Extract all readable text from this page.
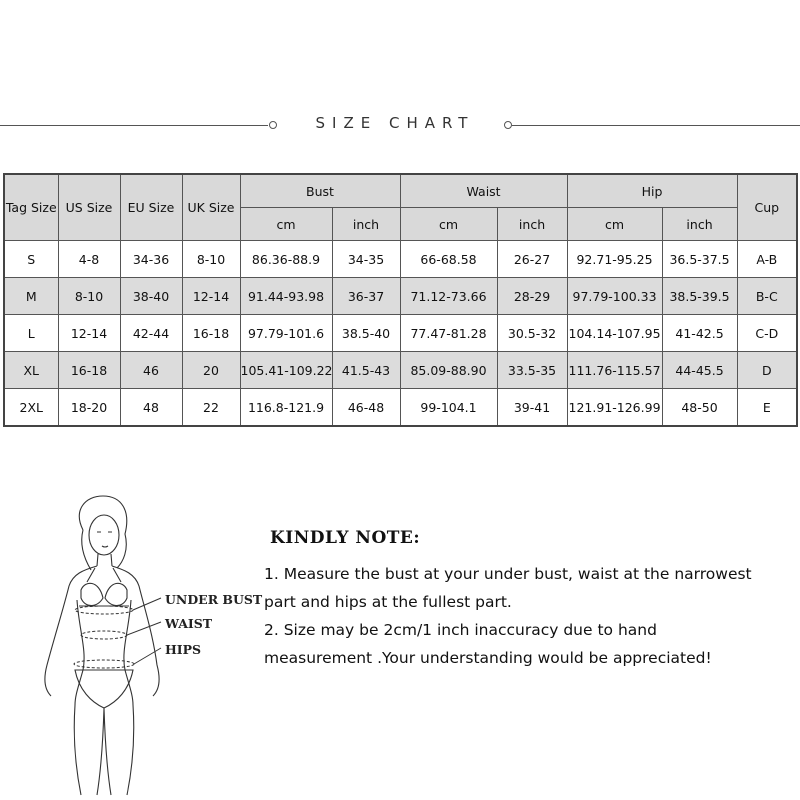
SIZE CHART
Tag Size	US Size	EU Size	UK Size	Bust		Waist		Hip		Cup
				cm	inch	cm	inch	cm	inch	
S	4-8	34-36	8-10	86.36-88.9	34-35	66-68.58	26-27	92.71-95.25	36.5-37.5	A-B
M	8-10	38-40	12-14	91.44-93.98	36-37	71.12-73.66	28-29	97.79-100.33	38.5-39.5	B-C
L	12-14	42-44	16-18	97.79-101.6	38.5-40	77.47-81.28	30.5-32	104.14-107.95	41-42.5	C-D
XL	16-18	46	20	105.41-109.22	41.5-43	85.09-88.90	33.5-35	111.76-115.57	44-45.5	D
2XL	18-20	48	22	116.8-121.9	46-48	99-104.1	39-41	121.91-126.99	48-50	E
UNDER BUST
WAIST
HIPS
KINDLY NOTE:
1. Measure the bust at your under bust, waist at the narrowest
part and hips at the fullest part.
2. Size may be 2cm/1 inch inaccuracy due to hand
measurement .Your understanding would be appreciated!
